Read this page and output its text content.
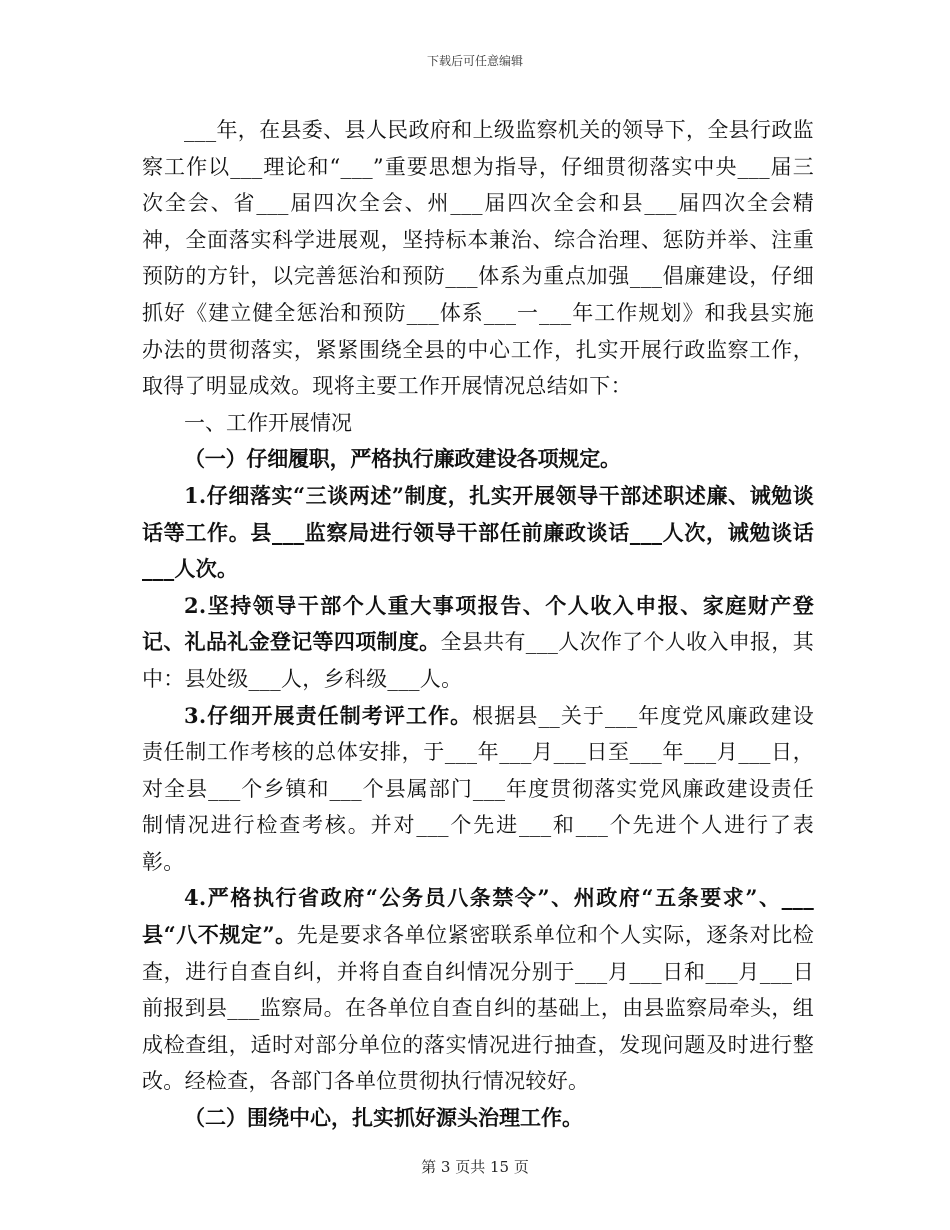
下载后可任意编辑

___年，在县委、县人民政府和上级监察机关的领导下，全县行政监察工作以___理论和“___”重要思想为指导，仔细贯彻落实中央___届三次全会、省___届四次全会、州___届四次全会和县___届四次全会精神，全面落实科学进展观，坚持标本兼治、综合治理、惩防并举、注重预防的方针，以完善惩治和预防___体系为重点加强___倡廉建设，仔细抓好《建立健全惩治和预防___体系___一___年工作规划》和我县实施办法的贯彻落实，紧紧围绕全县的中心工作，扎实开展行政监察工作，取得了明显成效。现将主要工作开展情况总结如下：

一、工作开展情况

（一）仔细履职，严格执行廉政建设各项规定。

1.仔细落实“三谈两述”制度，扎实开展领导干部述职述廉、诫勉谈话等工作。县___监察局进行领导干部任前廉政谈话___人次，诫勉谈话___人次。

2.坚持领导干部个人重大事项报告、个人收入申报、家庭财产登记、礼品礼金登记等四项制度。全县共有___人次作了个人收入申报，其中：县处级___人，乡科级___人。

3.仔细开展责任制考评工作。根据县__关于___年度党风廉政建设责任制工作考核的总体安排，于___年___月___日至___年___月___日，对全县___个乡镇和___个县属部门___年度贯彻落实党风廉政建设责任制情况进行检查考核。并对___个先进___和___个先进个人进行了表彰。

4.严格执行省政府“公务员八条禁令”、州政府“五条要求”、___县“八不规定”。先是要求各单位紧密联系单位和个人实际，逐条对比检查，进行自查自纠，并将自查自纠情况分别于___月___日和___月___日前报到县___监察局。在各单位自查自纠的基础上，由县监察局牵头，组成检查组，适时对部分单位的落实情况进行抽查，发现问题及时进行整改。经检查，各部门各单位贯彻执行情况较好。

（二）围绕中心，扎实抓好源头治理工作。

第 3 页共 15 页
